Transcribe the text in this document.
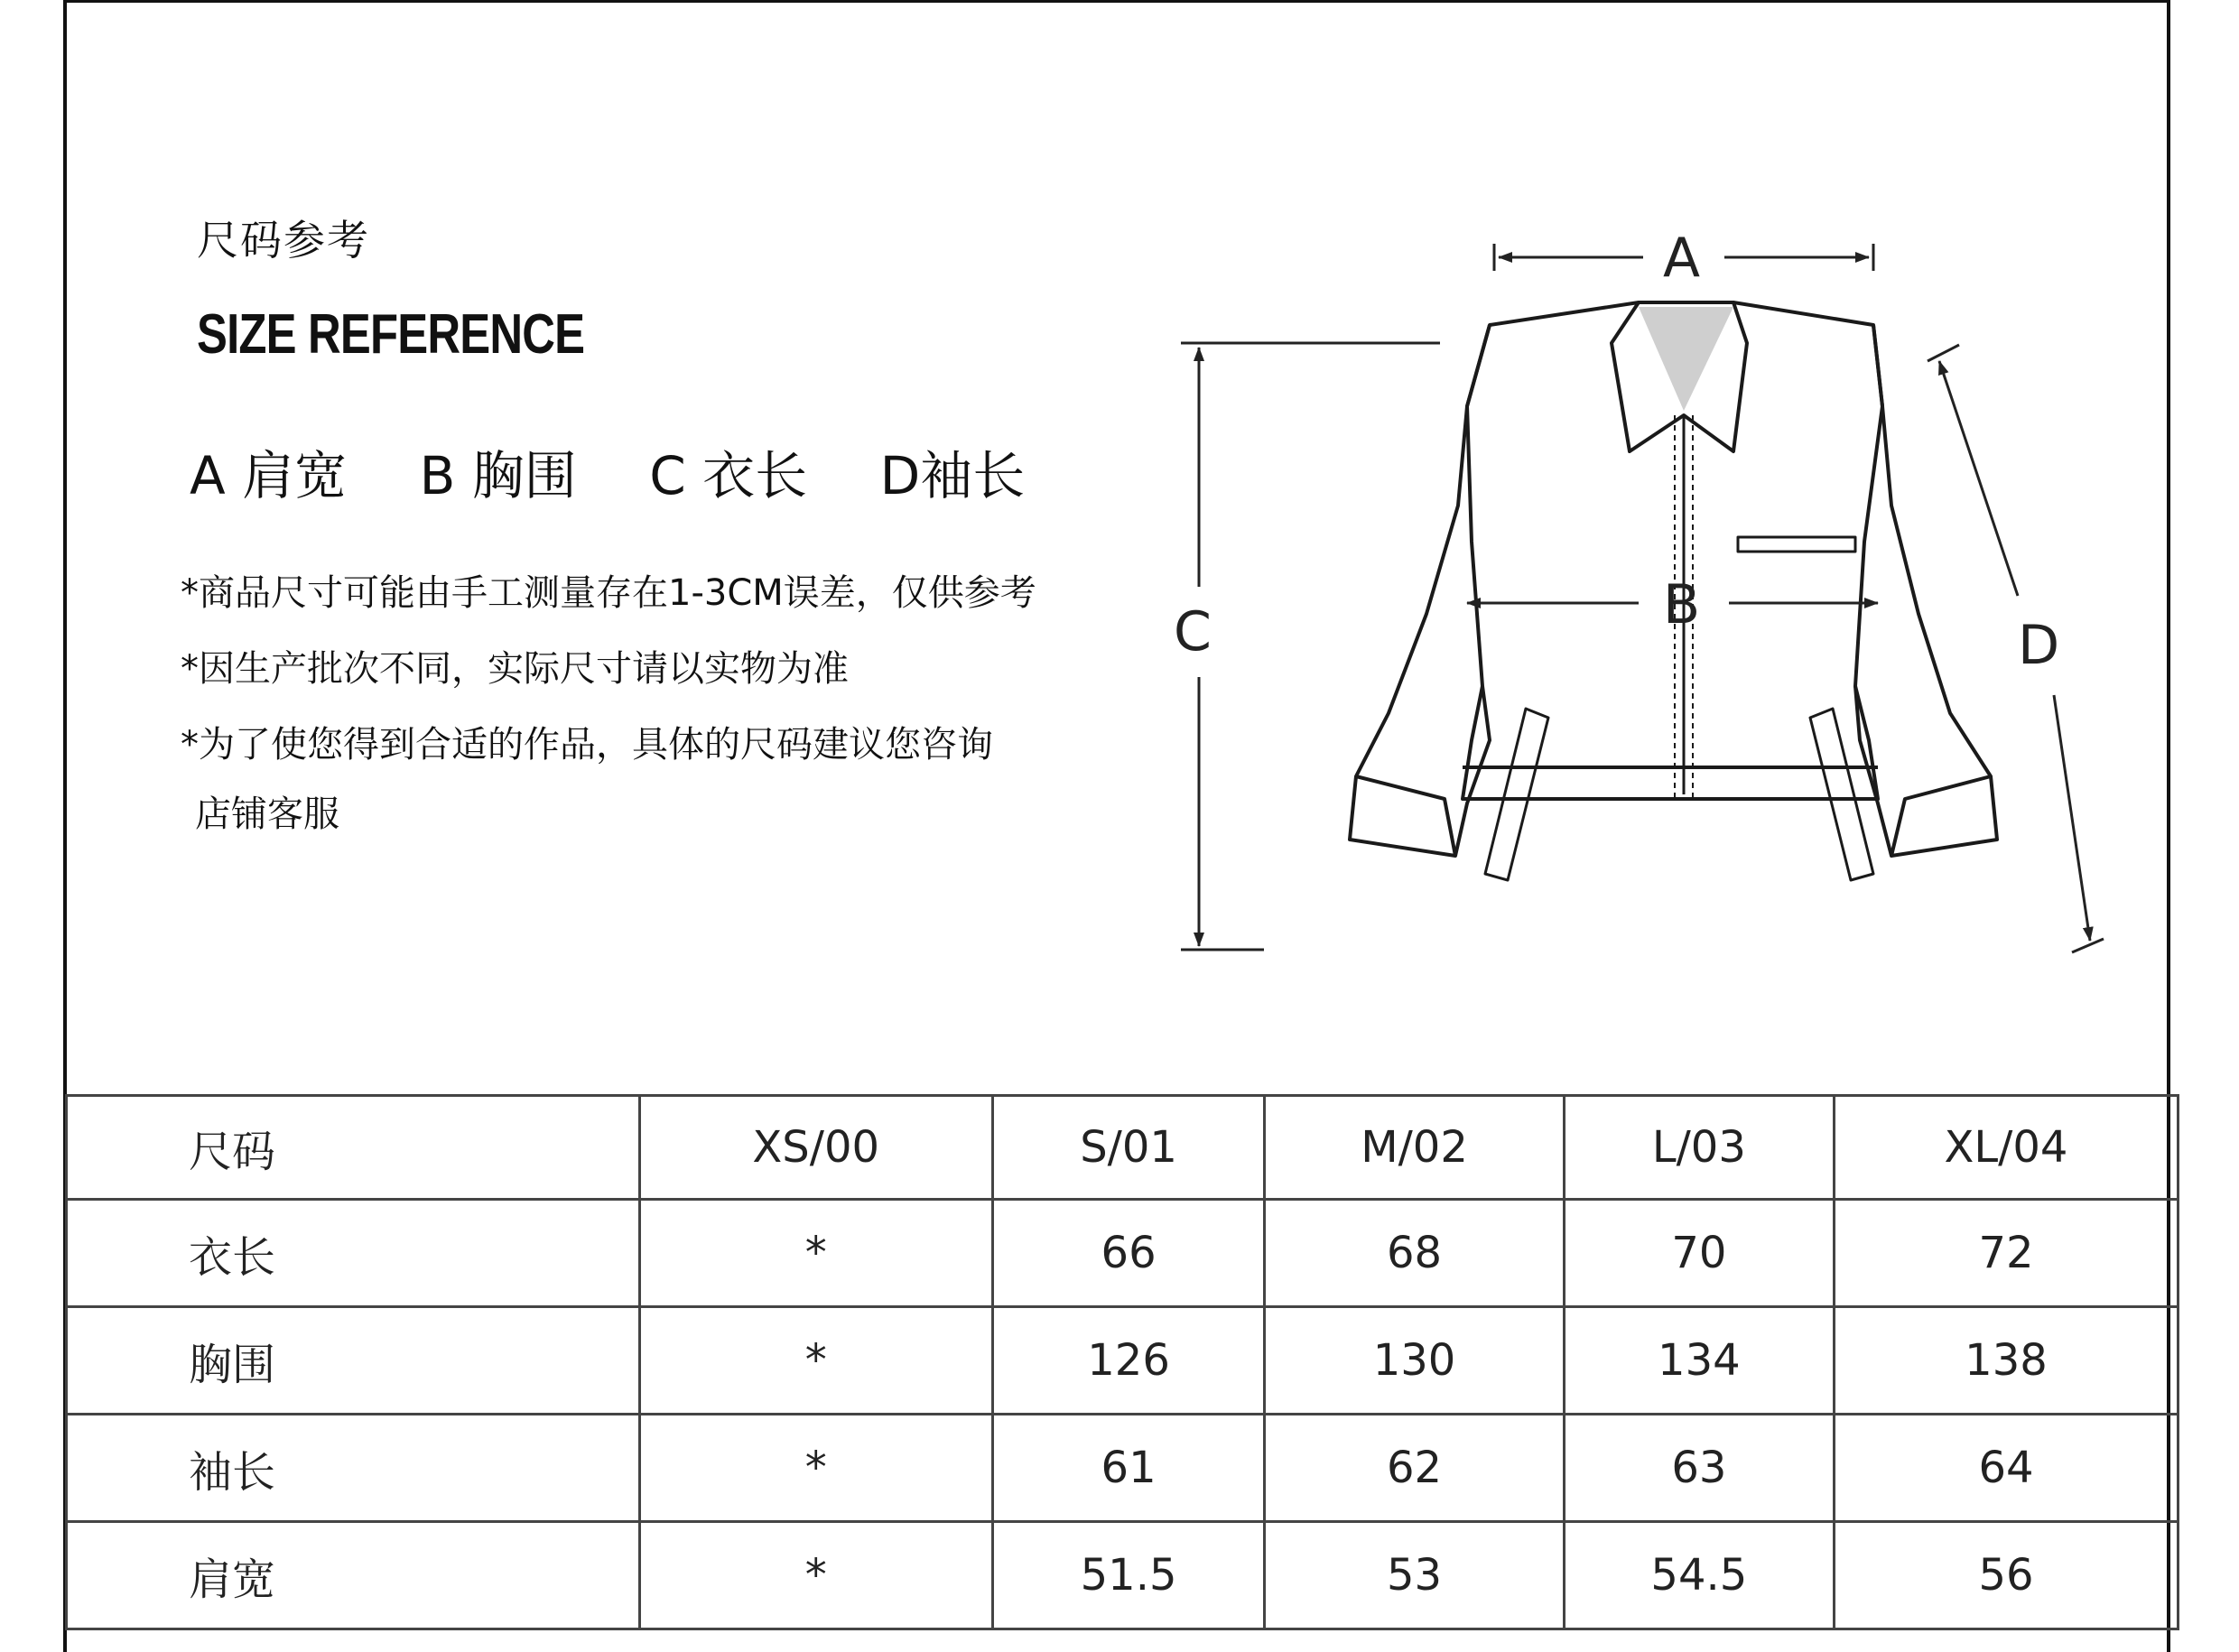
尺码参考
SIZE REFERENCE
A 肩宽 B 胸围 C 衣长 D袖长
*商品尺寸可能由手工测量存在1-3CM误差，仅供参考
*因生产批次不同，实际尺寸请以实物为准
*为了使您得到合适的作品，具体的尺码建议您咨询
店铺客服
A
B
C	D
尺码	XS/00	S/01	M/02	L/03	XL/04
衣长	*	66	68	70	72
胸围	*	126	130	134	138
袖长	*	61	62	63	64
肩宽	*	51.5	53	54.5	56
